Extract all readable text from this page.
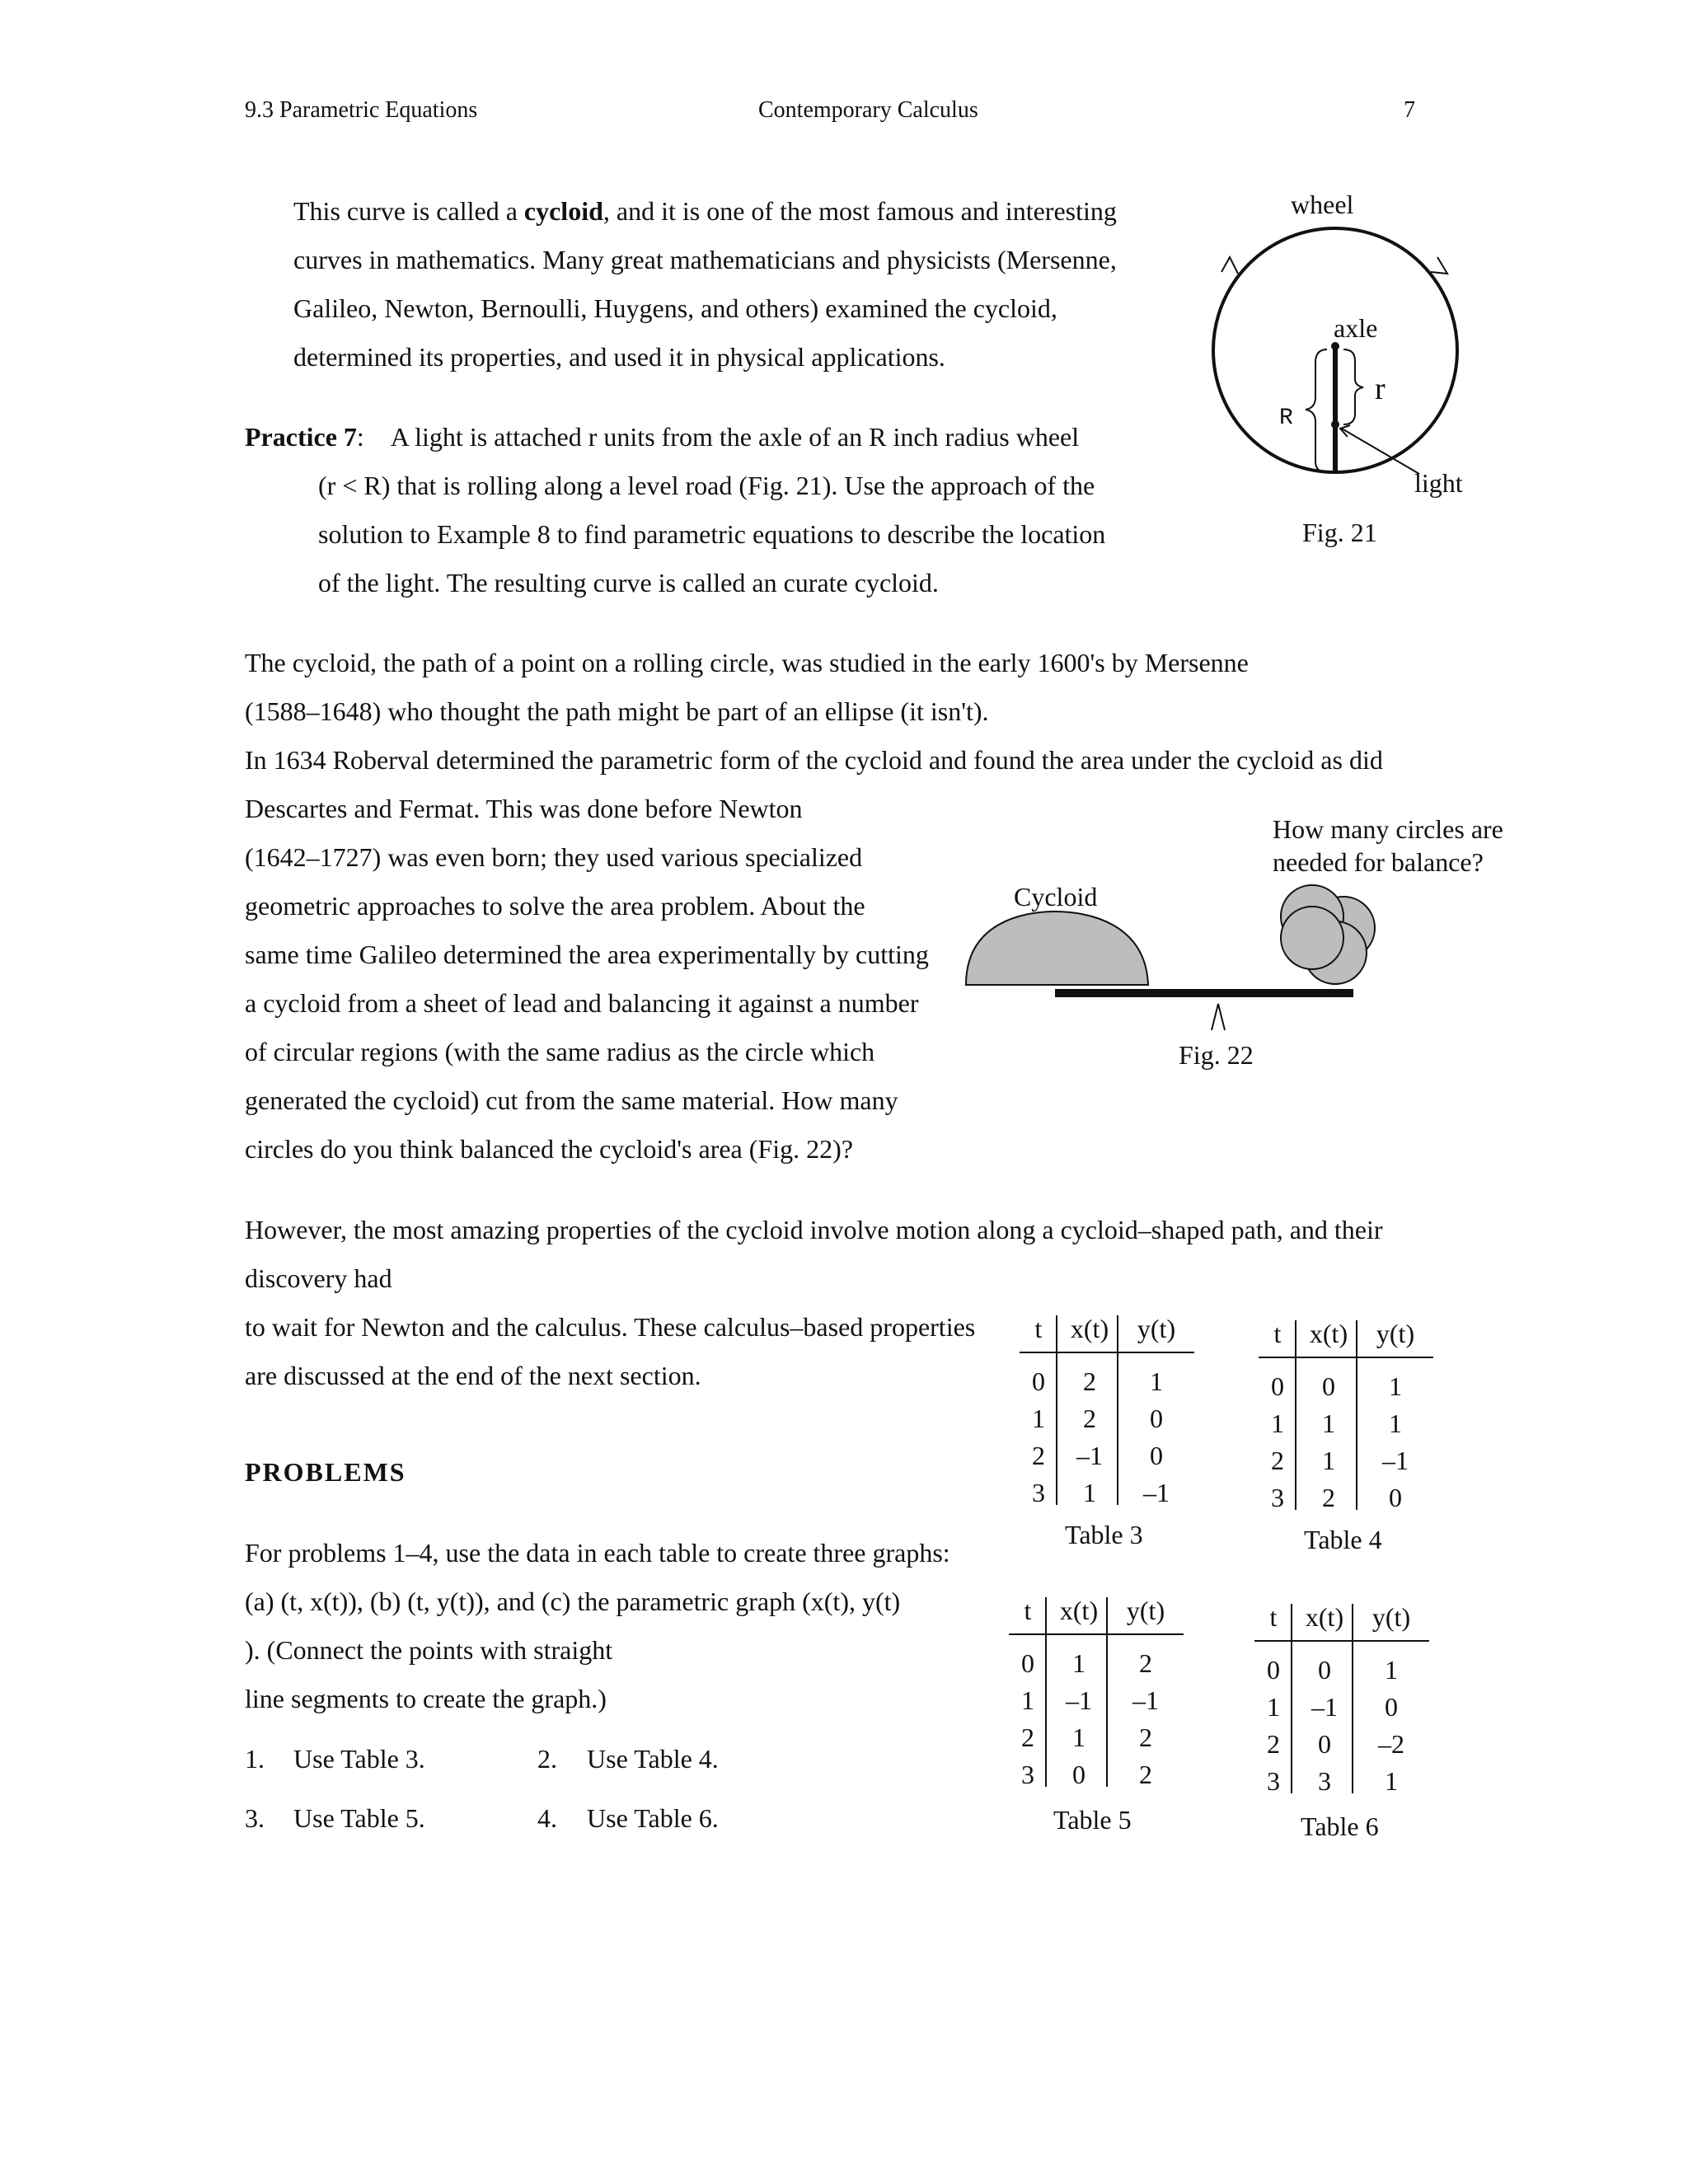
9.3 Parametric Equations	Contemporary Calculus	7
This curve is called a cycloid, and it is one of the most famous and interesting
curves in mathematics. Many great mathematicians and physicists (Mersenne,
Galileo, Newton, Bernoulli, Huygens, and others) examined the cycloid,
determined its properties, and used it in physical applications.
Practice 7:    A light is attached r units from the axle of an R inch radius wheel
(r < R) that is rolling along a level road (Fig. 21). Use the approach of the
solution to Example 8 to find parametric equations to describe the location
of the light. The resulting curve is called an curate cycloid.
wheel
axle
r
R
light
Fig. 21
The cycloid, the path of a point on a rolling circle, was studied in the early 1600's by Mersenne
(1588–1648) who thought the path might be part of an ellipse (it isn't).
In 1634 Roberval determined the parametric form of the cycloid and found the area under the cycloid as did
Descartes and Fermat. This was done before Newton
(1642–1727) was even born; they used various specialized
geometric approaches to solve the area problem. About the
same time Galileo determined the area experimentally by cutting
a cycloid from a sheet of lead and balancing it against a number
of circular regions (with the same radius as the circle which
generated the cycloid) cut from the same material. How many
circles do you think balanced the cycloid's area (Fig. 22)?
How many circles are
needed for balance?
Cycloid
Fig. 22
However, the most amazing properties of the cycloid involve motion along a cycloid–shaped path, and their
discovery had
to wait for Newton and the calculus. These calculus–based properties
are discussed at the end of the next section.
PROBLEMS
For problems 1–4, use the data in each table to create three graphs:
(a) (t, x(t)), (b) (t, y(t)), and (c) the parametric graph (x(t), y(t)
). (Connect the points with straight
line segments to create the graph.)
1. Use Table 3.	2. Use Table 4.
3. Use Table 5.	4. Use Table 6.
t	x(t)	y(t)
0	2	1
1	2	0
2	–1	0
3	1	–1
Table 3
t	x(t)	y(t)
0	0	1
1	1	1
2	1	–1
3	2	0
Table 4
t	x(t)	y(t)
0	1	2
1	–1	–1
2	1	2
3	0	2
Table 5
t	x(t)	y(t)
0	0	1
1	–1	0
2	0	–2
3	3	1
Table 6
